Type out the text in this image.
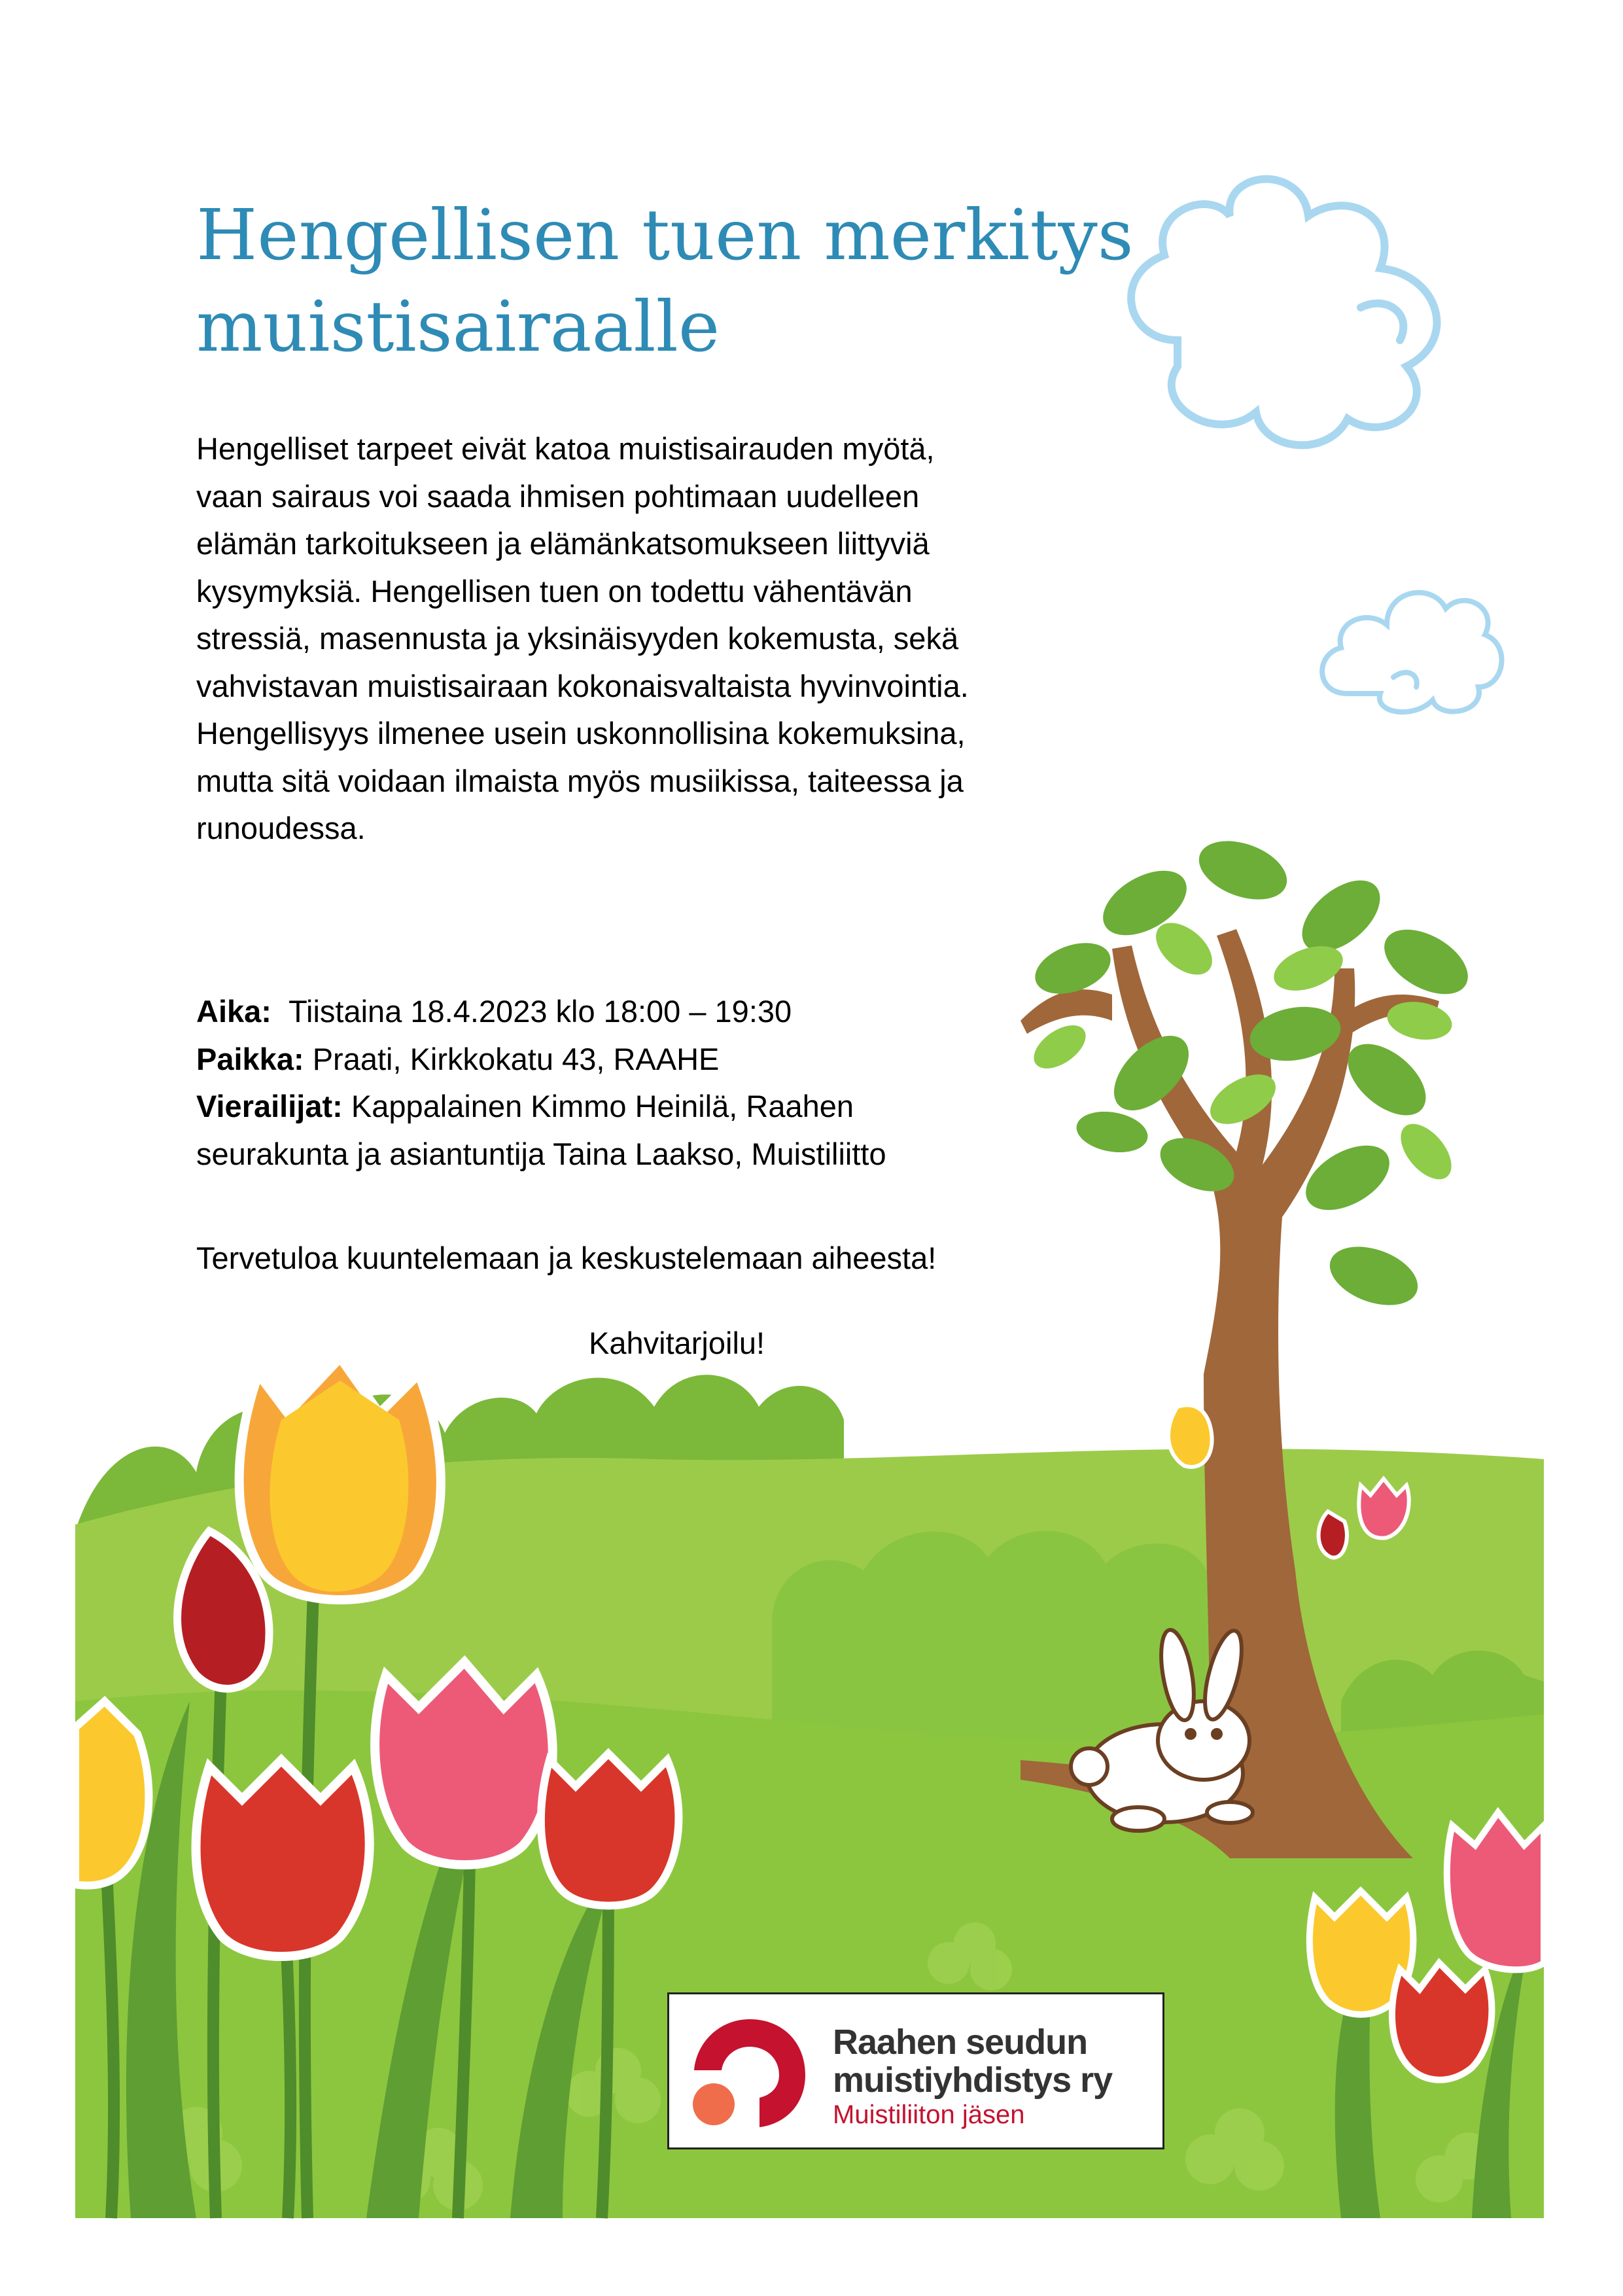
Hengellisen tuen merkitys
muistisairaalle

Hengelliset tarpeet eivät katoa muistisairauden myötä,

vaan sairaus voi saada ihmisen pohtimaan uudelleen

elämän tarkoitukseen ja elämänkatsomukseen liittyviä

kysymyksiä. Hengellisen tuen on todettu vähentävän

stressiä, masennusta ja yksinäisyyden kokemusta, sekä

vahvistavan muistisairaan kokonaisvaltaista hyvinvointia.

Hengellisyys ilmenee usein uskonnollisina kokemuksina,

mutta sitä voidaan ilmaista myös musiikissa, taiteessa ja

runoudessa.

Aika: Tiistaina 18.4.2023 klo 18:00 – 19:30

Paikka: Praati, Kirkkokatu 43, RAAHE

Vierailijat: Kappalainen Kimmo Heinilä, Raahen

seurakunta ja asiantuntija Taina Laakso, Muistiliitto

Tervetuloa kuuntelemaan ja keskustelemaan aiheesta!
Kahvitarjoilu!
Raahen seudun
muistiyhdistys ry
Muistiliiton jäsen
